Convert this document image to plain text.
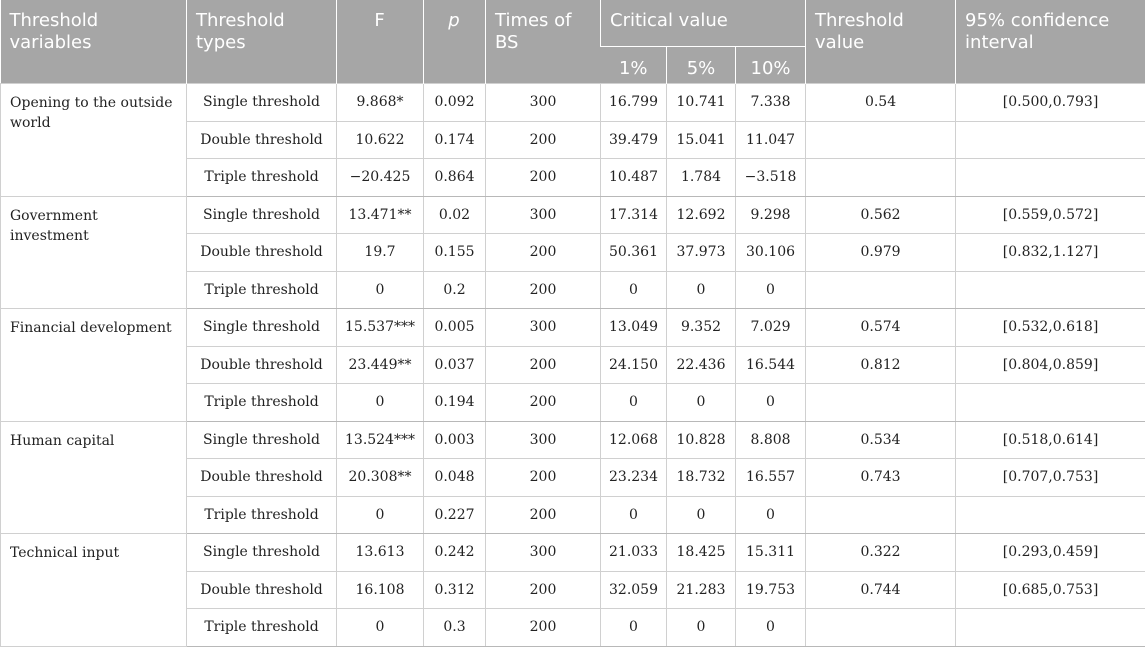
Threshold variables	Threshold types	F	p	Times of BS	Critical value			Threshold value	95% confidence interval
					1%	5%	10%		
Opening to the outside world	Single threshold	9.868*	0.092	300	16.799	10.741	7.338	0.54	[0.500,0.793]
	Double threshold	10.622	0.174	200	39.479	15.041	11.047		
	Triple threshold	−20.425	0.864	200	10.487	1.784	−3.518		
Government investment	Single threshold	13.471**	0.02	300	17.314	12.692	9.298	0.562	[0.559,0.572]
	Double threshold	19.7	0.155	200	50.361	37.973	30.106	0.979	[0.832,1.127]
	Triple threshold	0	0.2	200	0	0	0		
Financial development	Single threshold	15.537***	0.005	300	13.049	9.352	7.029	0.574	[0.532,0.618]
	Double threshold	23.449**	0.037	200	24.150	22.436	16.544	0.812	[0.804,0.859]
	Triple threshold	0	0.194	200	0	0	0		
Human capital	Single threshold	13.524***	0.003	300	12.068	10.828	8.808	0.534	[0.518,0.614]
	Double threshold	20.308**	0.048	200	23.234	18.732	16.557	0.743	[0.707,0.753]
	Triple threshold	0	0.227	200	0	0	0		
Technical input	Single threshold	13.613	0.242	300	21.033	18.425	15.311	0.322	[0.293,0.459]
	Double threshold	16.108	0.312	200	32.059	21.283	19.753	0.744	[0.685,0.753]
	Triple threshold	0	0.3	200	0	0	0		
